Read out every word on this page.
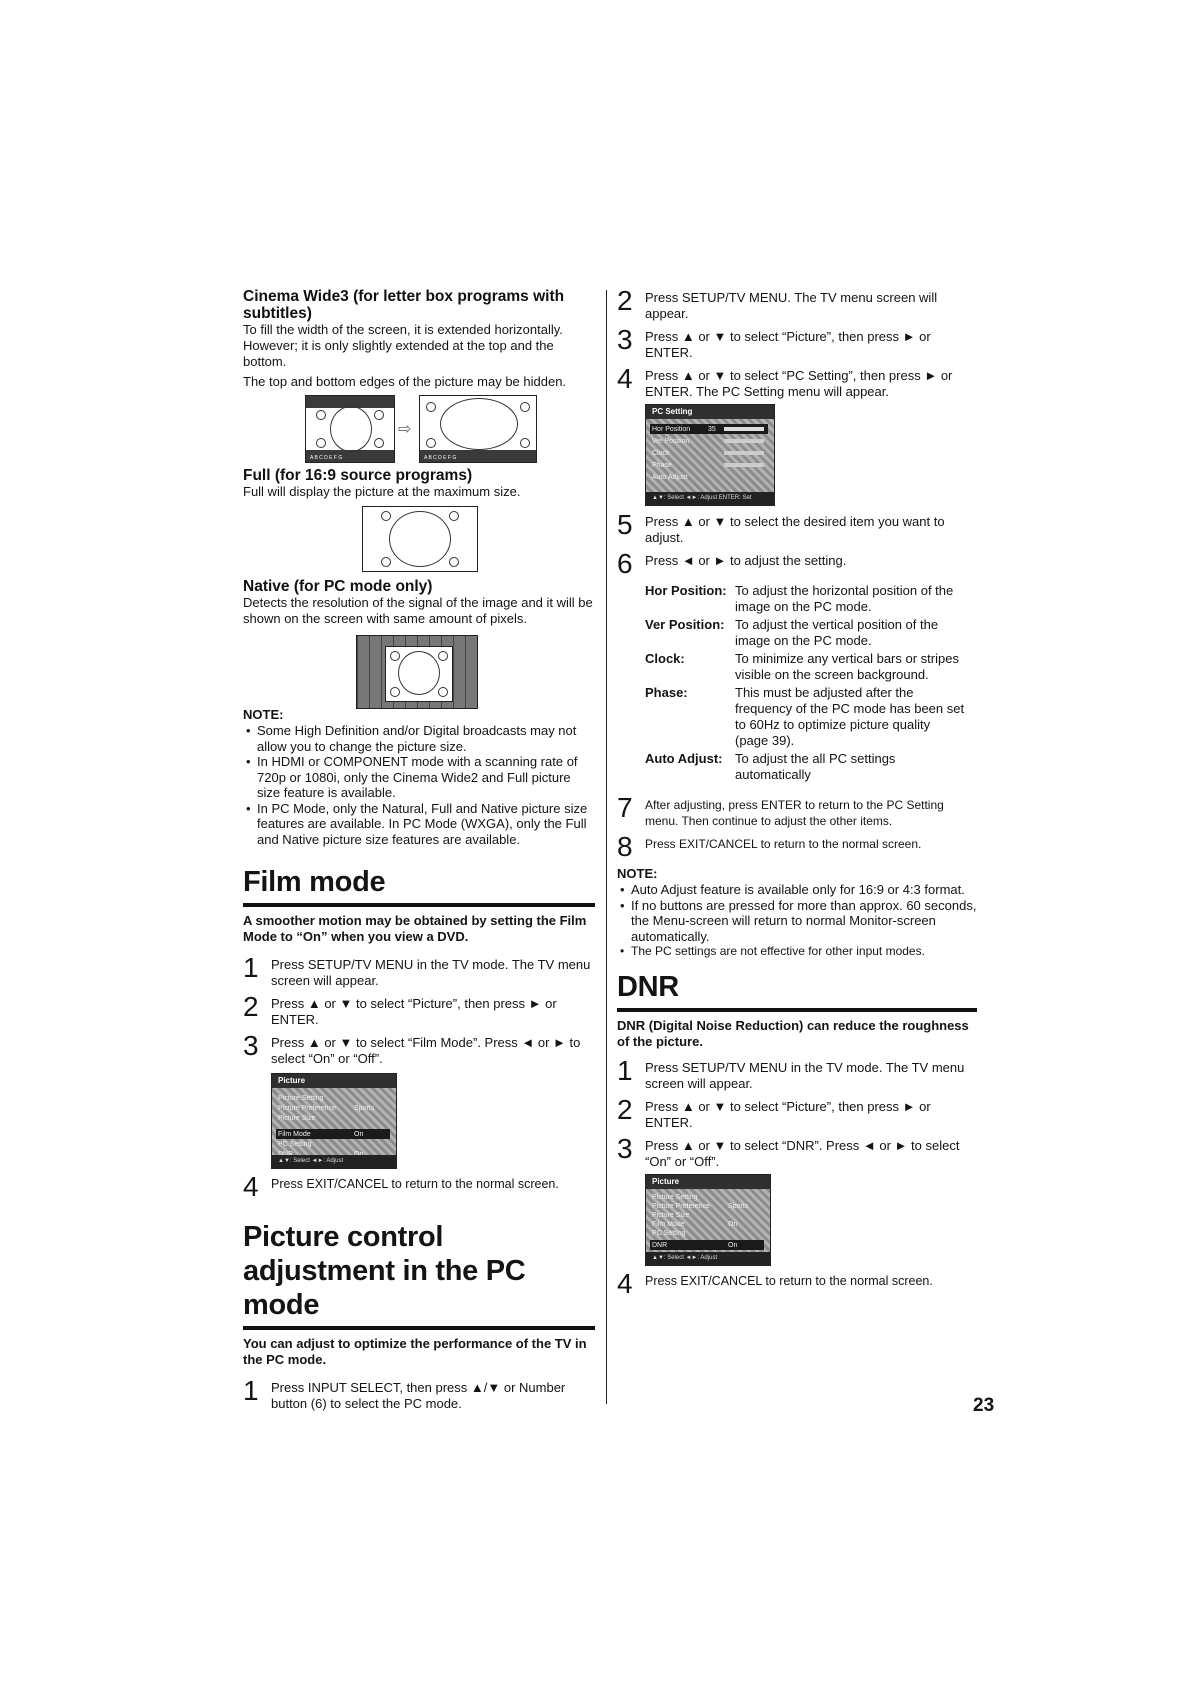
Cinema Wide3 (for letter box programs with subtitles)

To fill the width of the screen, it is extended horizontally. However; it is only slightly extended at the top and the bottom.

The top and bottom edges of the picture may be hidden.

A B C D E F G
⇨
A B C D E F G
Full (for 16:9 source programs)

Full will display the picture at the maximum size.

Native (for PC mode only)

Detects the resolution of the signal of the image and it will be shown on the screen with same amount of pixels.

NOTE:

• Some High Definition and/or Digital broadcasts may not allow you to change the picture size.
• In HDMI or COMPONENT mode with a scanning rate of 720p or 1080i, only the Cinema Wide2 and Full picture size feature is available.
• In PC Mode, only the Natural, Full and Native picture size features are available. In PC Mode (WXGA), only the Full and Native picture size features are available.
Film mode

A smoother motion may be obtained by setting the Film Mode to “On” when you view a DVD.

1 Press SETUP/TV MENU in the TV mode. The TV menu screen will appear.
2 Press ▲ or ▼ to select “Picture”, then press ► or ENTER.
3 Press ▲ or ▼ to select “Film Mode”. Press ◄ or ► to select “On” or “Off”.
Picture
Picture Setting
Picture Preference
Picture Size
Film Mode
PC Setting
Sports
On
▲▼: Select ◄►: Adjust
4 Press EXIT/CANCEL to return to the normal screen.
Picture control
adjustment in the PC mode

You can adjust to optimize the performance of the TV in the PC mode.

1 Press INPUT SELECT, then press ▲/▼ or Number button (6) to select the PC mode.
2 Press SETUP/TV MENU. The TV menu screen will appear.
3 Press ▲ or ▼ to select “Picture”, then press ► or ENTER.
4 Press ▲ or ▼ to select “PC Setting”, then press ► or ENTER. The PC Setting menu will appear.
PC Setting
Hor Position
Ver Position
Clock
Phase
Auto Adjust
35
▲▼: Select ◄►: Adjust ENTER: Set
5 Press ▲ or ▼ to select the desired item you want to adjust.
6 Press ◄ or ► to adjust the setting.
Hor Position:	To adjust the horizontal position of the image on the PC mode.
Ver Position:	To adjust the vertical position of the image on the PC mode.
Clock:	To minimize any vertical bars or stripes visible on the screen background.
Phase:	This must be adjusted after the frequency of the PC mode has been set to 60Hz to optimize picture quality (page 39).
Auto Adjust:	To adjust the all PC settings automatically
7	After adjusting, press ENTER to return to the PC Setting menu. Then continue to adjust the other items.
8	Press EXIT/CANCEL to return to the normal screen.

NOTE:

• Auto Adjust feature is available only for 16:9 or 4:3 format.
• If no buttons are pressed for more than approx. 60 seconds, the Menu-screen will return to normal Monitor-screen automatically.
• The PC settings are not effective for other input modes.
DNR

DNR (Digital Noise Reduction) can reduce the roughness of the picture.

1 Press SETUP/TV MENU in the TV mode. The TV menu screen will appear.
2 Press ▲ or ▼ to select “Picture”, then press ► or ENTER.
3 Press ▲ or ▼ to select “DNR”. Press ◄ or ► to select “On” or “Off”.
Picture
Picture Setting
Picture Preference
Picture Size
Film Mode
PC Setting
DNR
Sports
On
On
▲▼: Select ◄►: Adjust
4 Press EXIT/CANCEL to return to the normal screen.
23
